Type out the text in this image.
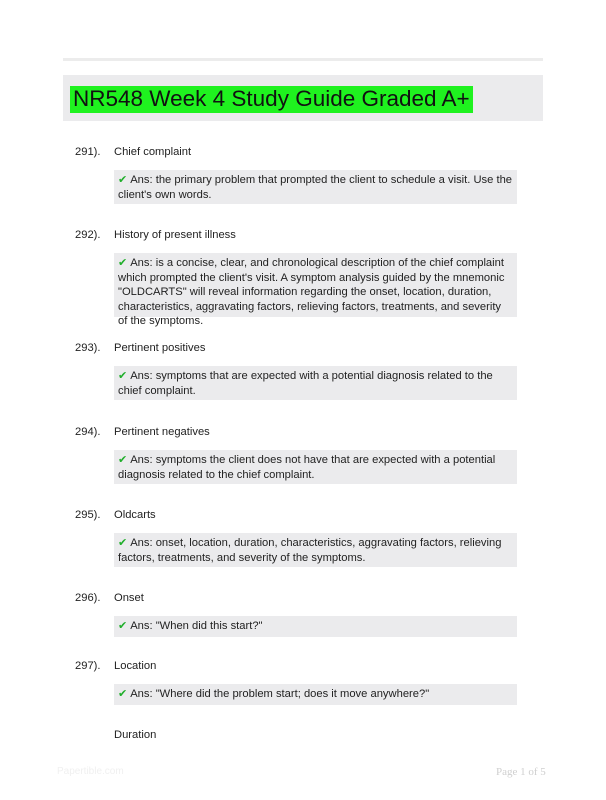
NR548 Week 4 Study Guide Graded A+
291). Chief complaint
✔ Ans: the primary problem that prompted the client to schedule a visit. Use the client's own words.
292). History of present illness
✔ Ans: is a concise, clear, and chronological description of the chief complaint which prompted the client's visit. A symptom analysis guided by the mnemonic "OLDCARTS" will reveal information regarding the onset, location, duration, characteristics, aggravating factors, relieving factors, treatments, and severity of the symptoms.
293). Pertinent positives
✔ Ans: symptoms that are expected with a potential diagnosis related to the chief complaint.
294). Pertinent negatives
✔ Ans: symptoms the client does not have that are expected with a potential diagnosis related to the chief complaint.
295). Oldcarts
✔ Ans: onset, location, duration, characteristics, aggravating factors, relieving factors, treatments, and severity of the symptoms.
296). Onset
✔ Ans: "When did this start?"
297). Location
✔ Ans: "Where did the problem start; does it move anywhere?"
Duration
Papertible.com	Page 1 of 5
